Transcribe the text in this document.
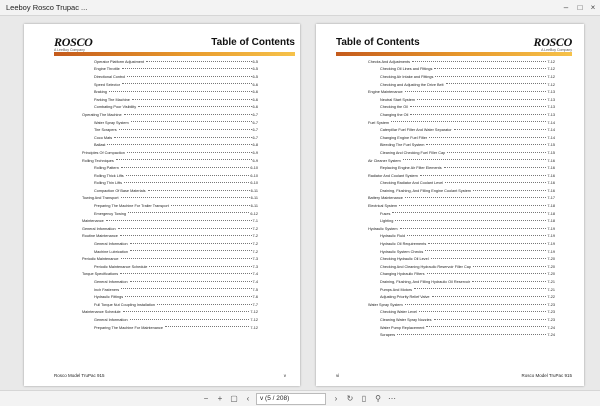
Leeboy Rosco Trupac ...	–	□	×
ROSCO
A LeeBoy Company
Table of Contents
Operator Platform Adjustment	6-5
Engine Throttle	6-5
Directional Control	6-5
Speed Selector	6-6
Braking	6-6
Parking The Machine	6-6
Combating Poor Visibility	6-6
Operating The Machine	6-7
Water Spray System	6-7
Tire Scrapers	6-7
Coco Mats	6-7
Ballast	6-8
Principles Of Compaction	6-9
Rolling Techniques	6-9
Rolling Pattern	6-10
Rolling Thick Lifts	6-10
Rolling Thin Lifts	6-10
Compaction Of Base Materials	6-11
Towing And Transport	6-11
Preparing The Machine For Trailer Transport	6-11
Emergency Towing	6-12
Maintenance	7-1
General Information	7-2
Routine Maintenance	7-2
General Information	7-2
Machine Lubrication	7-2
Periodic Maintenance	7-3
Periodic Maintenance Schedule	7-3
Torque Specifications	7-4
General Information	7-4
Inch Fasteners	7-5
Hydraulic Fittings	7-6
Full Torque Nut Coupling Installation	7-7
Maintenance Schedule	7-12
General Information	7-12
Preparing The Machine For Maintenance	7-12
Rosco Model TruPac 915	v
Table of Contents	ROSCO
A LeeBoy Company
Checks And Adjustments	7-12
Checking Oil Lines and Fittings	7-12
Checking Air Intake and Fittings	7-12
Checking and Adjusting the Drive Belt	7-12
Engine Maintenance	7-13
Neutral Start System	7-13
Checking the Oil	7-13
Changing the Oil	7-13
Fuel System	7-14
Caterpillar Fuel Filter And Water Separator	7-14
Changing Engine Fuel Filter	7-14
Bleeding The Fuel System	7-15
Cleaning And Checking Fuel Filler Cap	7-15
Air Cleaner System	7-16
Replacing Engine Air Filter Elements	7-16
Radiator And Coolant System	7-16
Checking Radiator And Coolant Level	7-16
Draining, Flushing, And Filling Engine Coolant System	7-16
Battery Maintenance	7-17
Electrical System	7-18
Fuses	7-18
Lighting	7-18
Hydraulic System	7-19
Hydraulic Fluid	7-19
Hydraulic Oil Requirements	7-19
Hydraulic System Checks	7-19
Checking Hydraulic Oil Level	7-20
Checking And Cleaning Hydraulic Reservoir Filler Cap	7-20
Changing Hydraulic Filters	7-20
Draining, Flushing, And Filling Hydraulic Oil Reservoir	7-21
Pumps And Motors	7-21
Adjusting Priority Relief Valve	7-22
Water Spray System	7-23
Checking Water Level	7-23
Cleaning Water Spray Nozzles	7-23
Water Pump Replacement	7-24
Scrapers	7-24
vi	Rosco Model TruPac 915
−	+ ▢	‹	v (5 / 208)	›	↻	▯	⚲ ⋯
